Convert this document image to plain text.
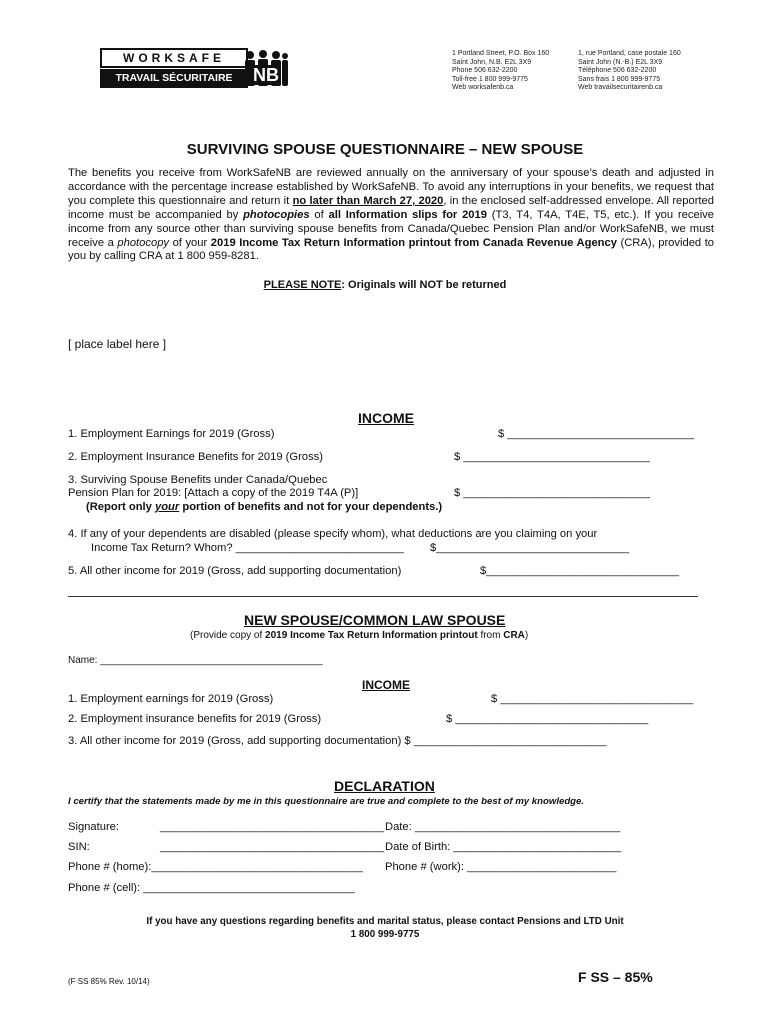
WORKSAFE
TRAVAIL SÉCURITAIRE	NB
1 Portland Street, P.O. Box 160
Saint John, N.B. E2L 3X9
Phone 506 632-2200
Toll-free 1 800 999-9775
Web worksafenb.ca
1, rue Portland, case postale 160
Saint John (N.-B.) E2L 3X9
Téléphone 506 632-2200
Sans frais 1 800 999-9775
Web travailsecuritairenb.ca
SURVIVING SPOUSE QUESTIONNAIRE – NEW SPOUSE
The benefits you receive from WorkSafeNB are reviewed annually on the anniversary of your spouse’s death and adjusted in accordance with the percentage increase established by WorkSafeNB. To avoid any interruptions in your benefits, we request that you complete this questionnaire and return it no later than March 27, 2020, in the enclosed self-addressed envelope. All reported income must be accompanied by photocopies of all Information slips for 2019 (T3, T4, T4A, T4E, T5, etc.). If you receive income from any source other than surviving spouse benefits from Canada/Quebec Pension Plan and/or WorkSafeNB, we must receive a photocopy of your 2019 Income Tax Return Information printout from Canada Revenue Agency (CRA), provided to you by calling CRA at 1 800 959-8281.
PLEASE NOTE: Originals will NOT be returned
[ place label here ]
INCOME
1. Employment Earnings for 2019 (Gross)	$ ______________________________
2. Employment Insurance Benefits for 2019 (Gross)	$ ______________________________
3. Surviving Spouse Benefits under Canada/Quebec
Pension Plan for 2019: [Attach a copy of the 2019 T4A (P)]	$ ______________________________
(Report only your portion of benefits and not for your dependents.)
4. If any of your dependents are disabled (please specify whom), what deductions are you claiming on your
Income Tax Return? Whom? ___________________________ $_______________________________
5. All other income for 2019 (Gross, add supporting documentation)	$_______________________________
NEW SPOUSE/COMMON LAW SPOUSE
(Provide copy of 2019 Income Tax Return Information printout from CRA)
Name: ________________________________________
INCOME
1. Employment earnings for 2019 (Gross)	$ _______________________________
2. Employment insurance benefits for 2019 (Gross)	$ _______________________________
3. All other income for 2019 (Gross, add supporting documentation) $ _______________________________
DECLARATION
I certify that the statements made by me in this questionnaire are true and complete to the best of my knowledge.
Signature:	____________________________________ Date: _________________________________
SIN:	____________________________________ Date of Birth: ___________________________
Phone # (home):__________________________________ Phone # (work): ________________________
Phone # (cell): __________________________________
If you have any questions regarding benefits and marital status, please contact Pensions and LTD Unit
1 800 999-9775
(F SS 85% Rev. 10/14)	F SS – 85%
